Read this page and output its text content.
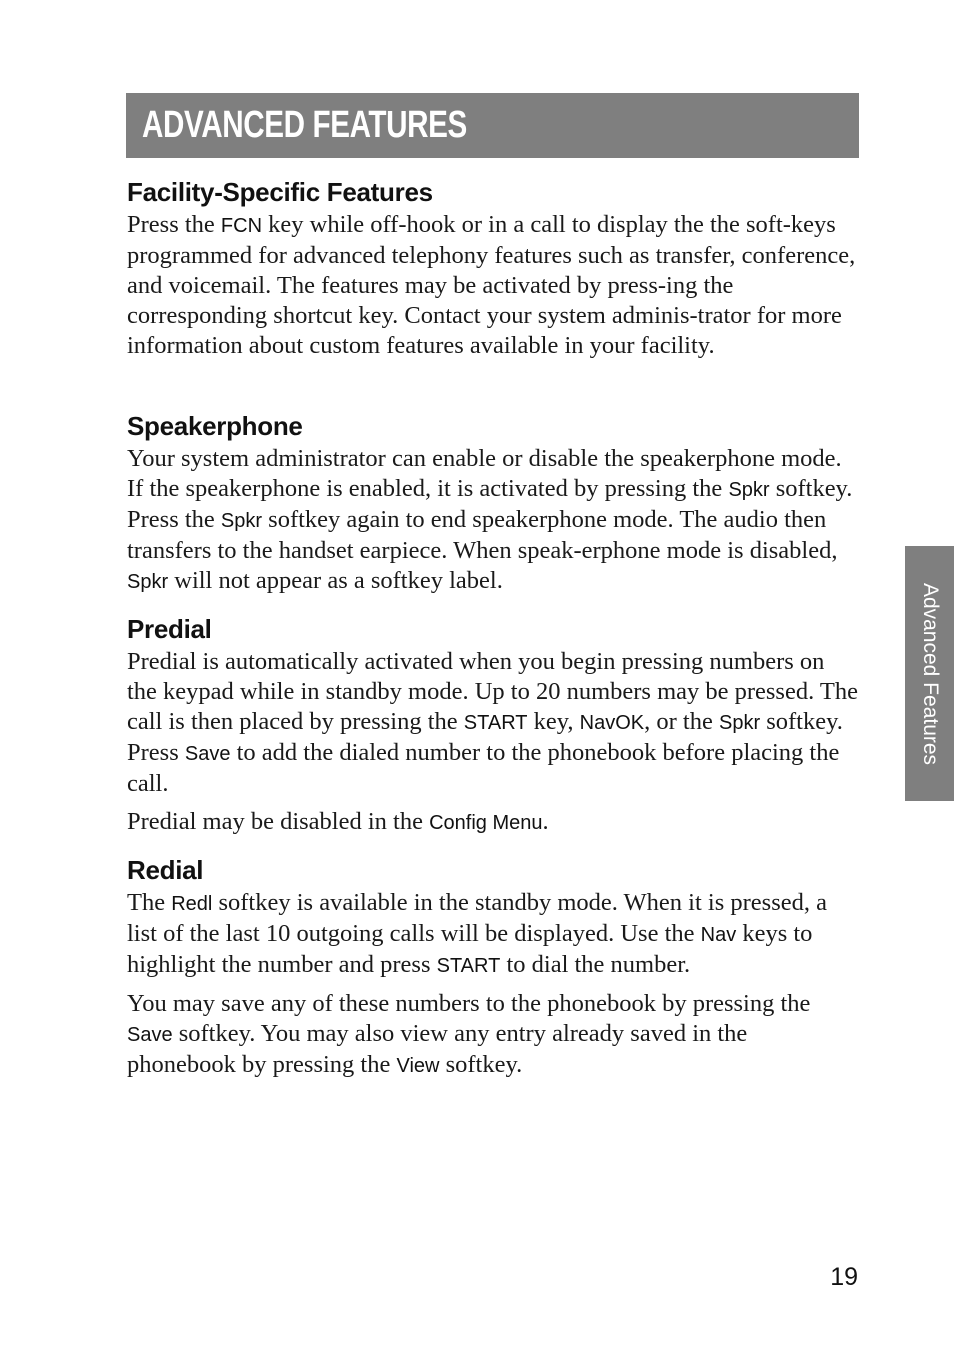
ADVANCED FEATURES
Facility-Specific Features

Press the FCN key while off-hook or in a call to display the the soft-keys programmed for advanced telephony features such as transfer, conference, and voicemail. The features may be activated by press-ing the corresponding shortcut key. Contact your system adminis-trator for more information about custom features available in your facility.

Speakerphone

Your system administrator can enable or disable the speakerphone mode. If the speakerphone is enabled, it is activated by pressing the Spkr softkey. Press the Spkr softkey again to end speakerphone mode. The audio then transfers to the handset earpiece. When speak-erphone mode is disabled, Spkr will not appear as a softkey label.

Predial

Predial is automatically activated when you begin pressing numbers on the keypad while in standby mode. Up to 20 numbers may be pressed. The call is then placed by pressing the START key, NavOK, or the Spkr softkey. Press Save to add the dialed number to the phonebook before placing the call.

Predial may be disabled in the Config Menu.

Redial

The Redl softkey is available in the standby mode. When it is pressed, a list of the last 10 outgoing calls will be displayed. Use the Nav keys to highlight the number and press START to dial the number.

You may save any of these numbers to the phonebook by pressing the Save softkey. You may also view any entry already saved in the phonebook by pressing the View softkey.

Advanced Features
19
